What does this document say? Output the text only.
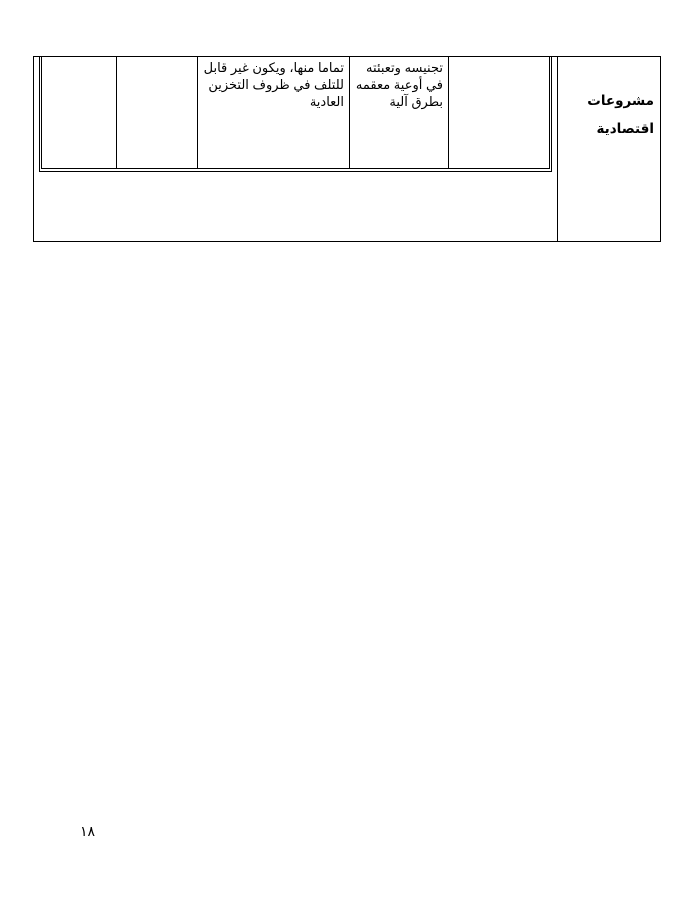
مشروعات
اقتصادية
تماما منها، ويكون غير قابل للتلف في ظروف التخزين العادية
تجنيسه وتعبئته في أوعية معقمه بطرق آلية
١٨
